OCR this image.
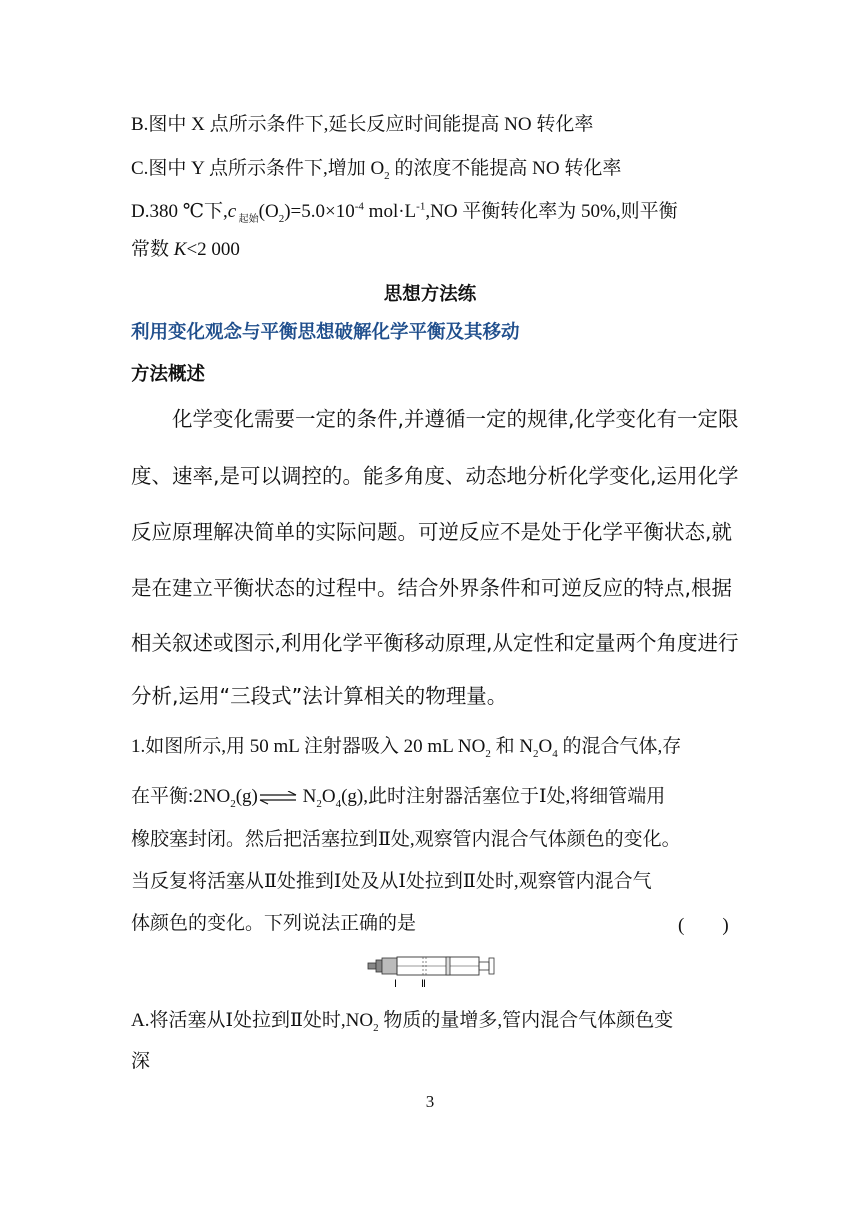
B.图中 X 点所示条件下,延长反应时间能提高 NO 转化率
C.图中 Y 点所示条件下,增加 $O_2$ 的浓度不能提高 NO 转化率
D.380 ℃下,c $_{起始}(O_2)=5.0\times 10^{-4}$ $mol\cdot L^{-1},NO$ 平衡转化率为 50%,则平衡
常数 K<2 000
思想方法练
利用变化观念与平衡思想破解化学平衡及其移动
方法概述
化学变化需要一定的条件,并遵循一定的规律,化学变化有一定限
度、速率,是可以调控的。能多角度、动态地分析化学变化,运用化学
反应原理解决简单的实际问题。可逆反应不是处于化学平衡状态,就
是在建立平衡状态的过程中。结合外界条件和可逆反应的特点,根据
相关叙述或图示,利用化学平衡移动原理,从定性和定量两个角度进行
分析,运用“三段式”法计算相关的物理量。
1.如图所示,用 50 mL 注射器吸入 20 mL $NO_2$ 和 $N_2O_4$ 的混合气体,存
在平衡$:2NO_2(g)\rightleftharpoons$ $N_2O_4(g)$,此时注射器活塞位于Ⅰ处,将细管端用
橡胶塞封闭。然后把活塞拉到Ⅱ处,观察管内混合气体颜色的变化。
当反复将活塞从Ⅱ处推到Ⅰ处及从Ⅰ处拉到Ⅱ处时,观察管内混合气
体颜色的变化。下列说法正确的是	(　　)
Ⅰ Ⅱ
A.将活塞从Ⅰ处拉到Ⅱ处时$,NO_2$ 物质的量增多,管内混合气体颜色变
深
3
